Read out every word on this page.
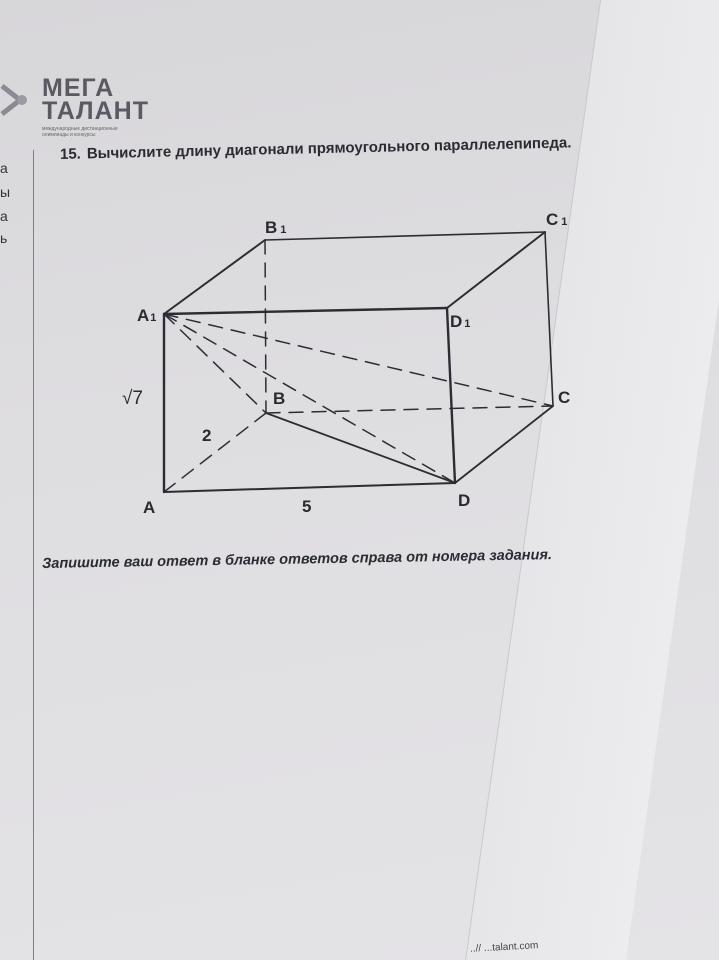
МЕГА
ТАЛАНТ
международные дистанционные олимпиады и конкурсы
а
ы
а
ь
15. Вычислите длину диагонали прямоугольного параллелепипеда.
B 1
C 1
A1	D 1
B	C
A	D
√7
2
5
Запишите ваш ответ в бланке ответов справа от номера задания.
..// ...talant.com
